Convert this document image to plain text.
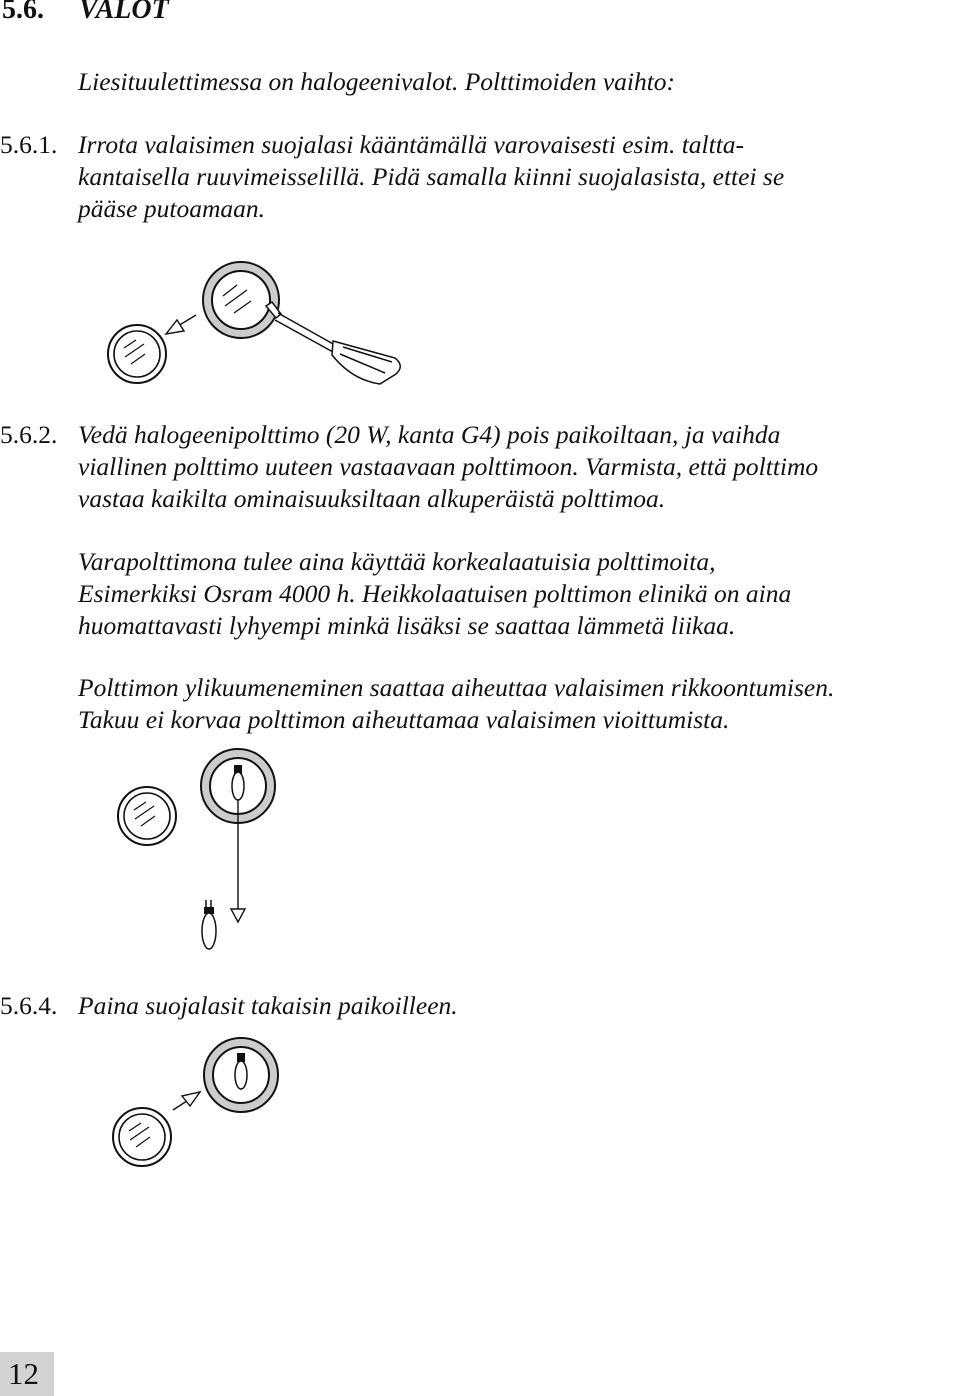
5.6. VALOT
Liesituulettimessa on halogeenivalot. Polttimoiden vaihto:
5.6.1. Irrota valaisimen suojalasi kääntämällä varovaisesti esim. taltta-
kantaisella ruuvimeisselillä. Pidä samalla kiinni suojalasista, ettei se
pääse putoamaan.
5.6.2. Vedä halogeenipolttimo (20 W, kanta G4) pois paikoiltaan, ja vaihda
viallinen polttimo uuteen vastaavaan polttimoon. Varmista, että polttimo
vastaa kaikilta ominaisuuksiltaan alkuperäistä polttimoa.
Varapolttimona tulee aina käyttää korkealaatuisia polttimoita,
Esimerkiksi Osram 4000 h. Heikkolaatuisen polttimon elinikä on aina
huomattavasti lyhyempi minkä lisäksi se saattaa lämmetä liikaa.
Polttimon ylikuumeneminen saattaa aiheuttaa valaisimen rikkoontumisen.
Takuu ei korvaa polttimon aiheuttamaa valaisimen vioittumista.
5.6.4. Paina suojalasit takaisin paikoilleen.
12
